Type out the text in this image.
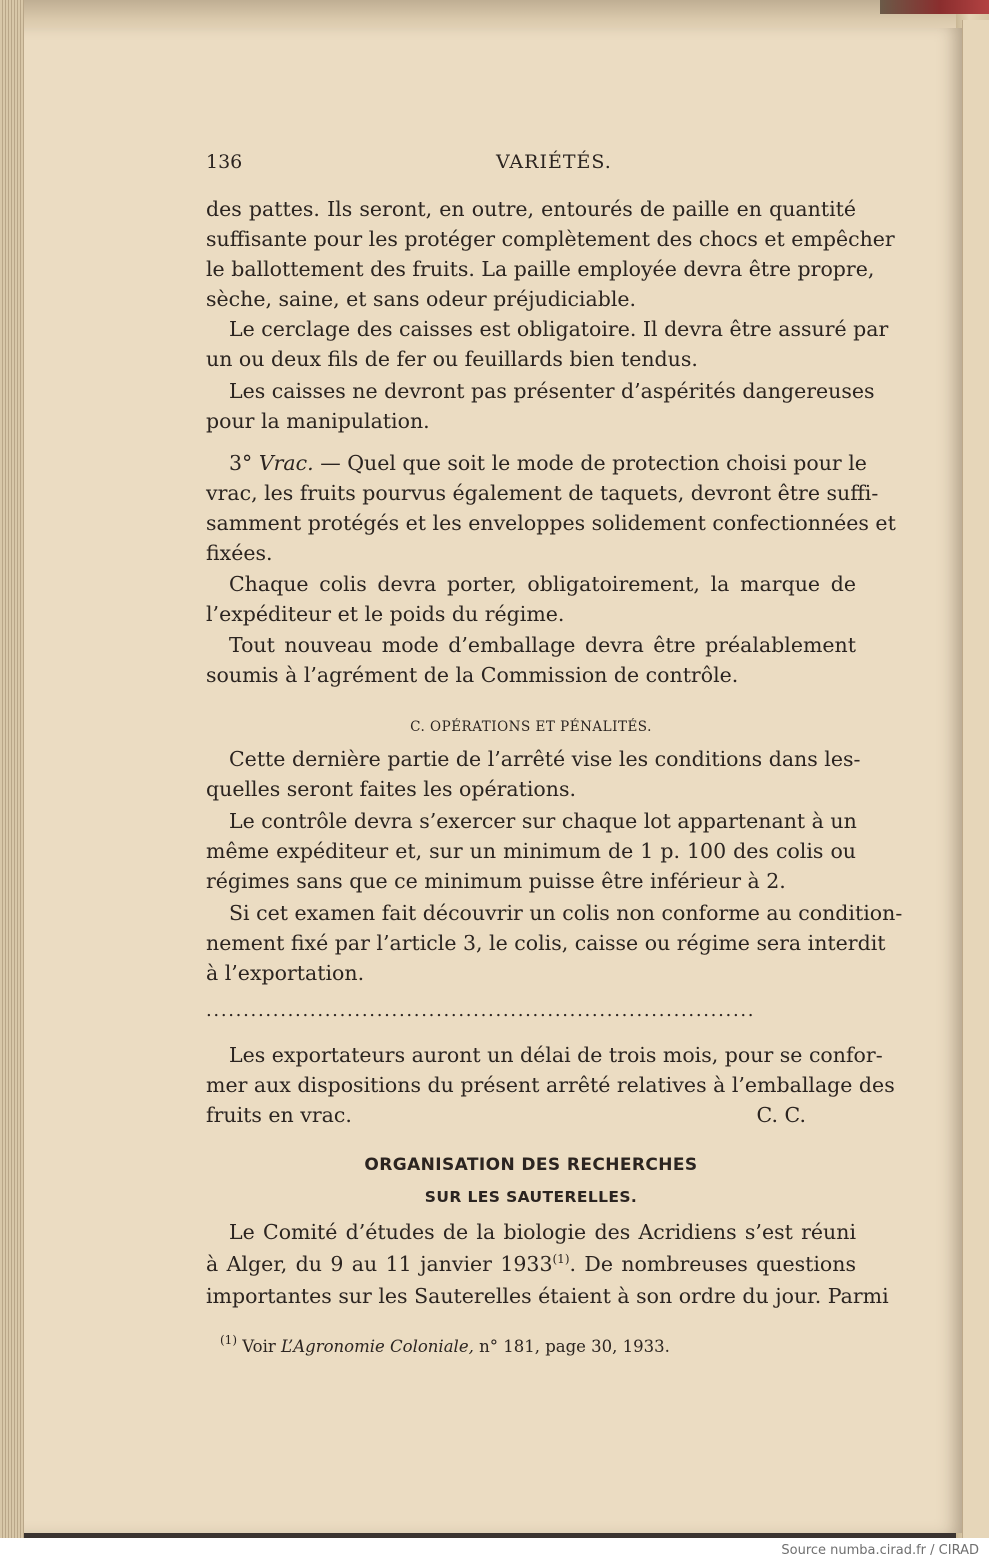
136	VARIÉTÉS.
des pattes. Ils seront, en outre, entourés de paille en quantité
suffisante pour les protéger complètement des chocs et empêcher
le ballottement des fruits. La paille employée devra être propre,
sèche, saine, et sans odeur préjudiciable.
Le cerclage des caisses est obligatoire. Il devra être assuré par
un ou deux fils de fer ou feuillards bien tendus.
Les caisses ne devront pas présenter d’aspérités dangereuses
pour la manipulation.
3° Vrac. — Quel que soit le mode de protection choisi pour le
vrac, les fruits pourvus également de taquets, devront être suffi-
samment protégés et les enveloppes solidement confectionnées et
fixées.
Chaque colis devra porter, obligatoirement, la marque de
l’expéditeur et le poids du régime.
Tout nouveau mode d’emballage devra être préalablement
soumis à l’agrément de la Commission de contrôle.
C. OPÉRATIONS ET PÉNALITÉS.
Cette dernière partie de l’arrêté vise les conditions dans les-
quelles seront faites les opérations.
Le contrôle devra s’exercer sur chaque lot appartenant à un
même expéditeur et, sur un minimum de 1 p. 100 des colis ou
régimes sans que ce minimum puisse être inférieur à 2.
Si cet examen fait découvrir un colis non conforme au condition-
nement fixé par l’article 3, le colis, caisse ou régime sera interdit
à l’exportation.
..........................................................................
Les exportateurs auront un délai de trois mois, pour se confor-
mer aux dispositions du présent arrêté relatives à l’emballage des
fruits en vrac.	C. C.
ORGANISATION DES RECHERCHES
SUR LES SAUTERELLES.
Le Comité d’études de la biologie des Acridiens s’est réuni
à Alger, du 9 au 11 janvier 1933$^{(1)}$. De nombreuses questions
importantes sur les Sauterelles étaient à son ordre du jour. Parmi
$^{(1)}$ Voir L’Agronomie Coloniale, n° 181, page 30, 1933.
Source numba.cirad.fr / CIRAD
